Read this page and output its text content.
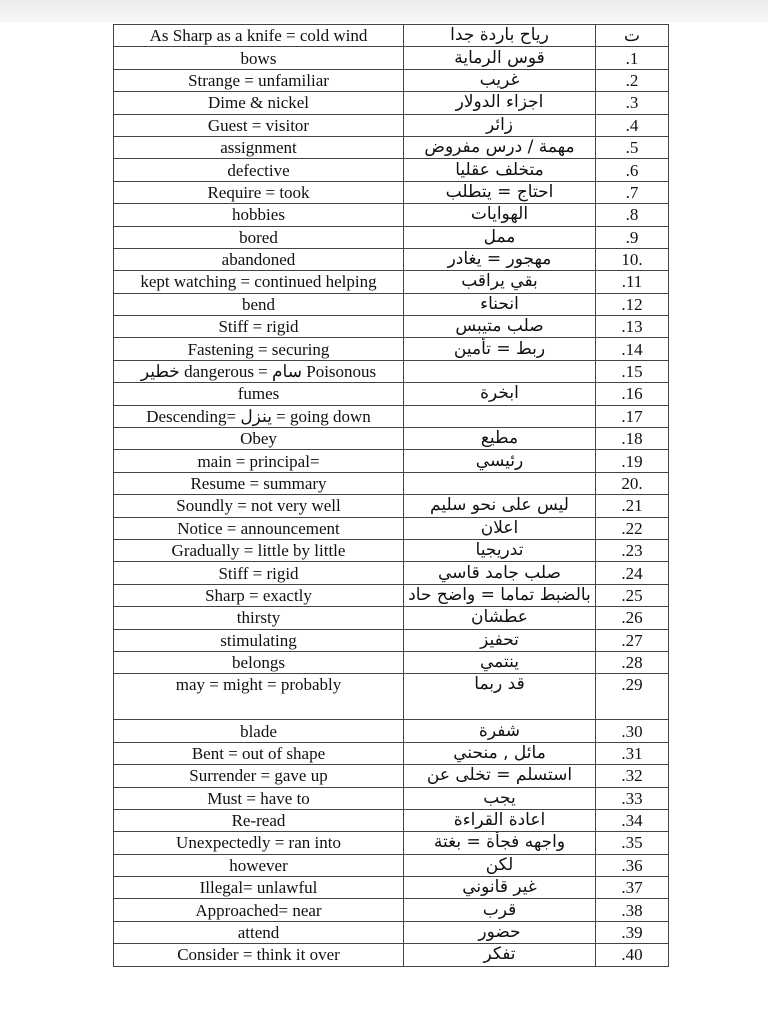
As Sharp as a knife = cold wind	رياح باردة جدا	ت
bows	قوس الرماية	.1
Strange = unfamiliar	غريب	.2
Dime & nickel	اجزاء الدولار	.3
Guest = visitor	زائر	.4
assignment	مهمة / درس مفروض	.5
defective	متخلف عقليا	.6
Require = took	احتاج = يتطلب	.7
hobbies	الهوايات	.8
bored	ممل	.9
abandoned	مهجور = يغادر	10.
kept watching = continued helping	بقي يراقب	.11
bend	انحناء	.12
Stiff = rigid	صلب متيبس	.13
Fastening = securing	ربط = تأمين	.14
خطير dangerous = سام Poisonous		.15
fumes	ابخرة	.16
Descending= ينزل = going down		.17
Obey	مطيع	.18
main = principal=	رئيسي	.19
Resume = summary		20.
Soundly = not very well	ليس على نحو سليم	.21
Notice = announcement	اعلان	.22
Gradually = little by little	تدريجيا	.23
Stiff = rigid	صلب جامد قاسي	.24
Sharp = exactly	بالضبط تماما = واضح حاد	.25
thirsty	عطشان	.26
stimulating	تحفيز	.27
belongs	ينتمي	.28
may = might = probably	قد ربما	.29
blade	شفرة	.30
Bent = out of shape	مائل , منحني	.31
Surrender = gave up	استسلم = تخلى عن	.32
Must = have to	يجب	.33
Re-read	اعادة القراءة	.34
Unexpectedly = ran into	واجهه فجأة = بغتة	.35
however	لكن	.36
Illegal= unlawful	غير قانوني	.37
Approached= near	قرب	.38
attend	حضور	.39
Consider = think it over	تفكر	.40
